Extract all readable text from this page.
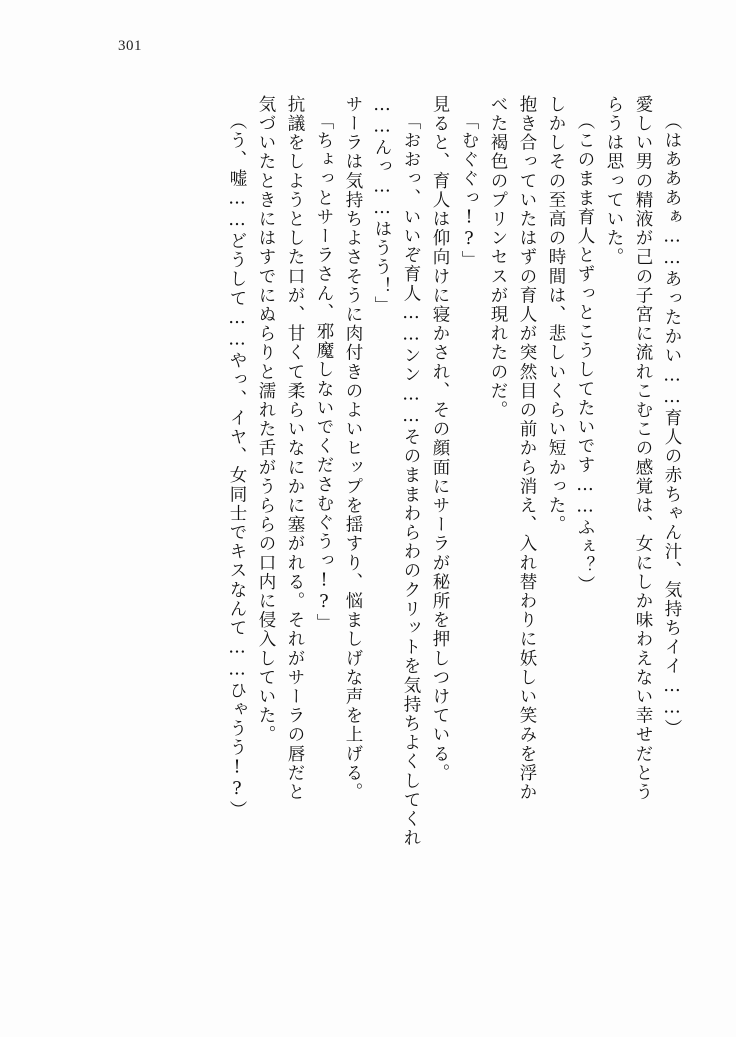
301
（はあああぁ……あったかい……育人の赤ちゃん汁、気持ちイイ……）
愛しい男の精液が己の子宮に流れこむこの感覚は、女にしか味わえない幸せだとう
らうは思っていた。
（このまま育人とずっとこうしてたいです……ふぇ？）
しかしその至高の時間は、悲しいくらい短かった。
抱き合っていたはずの育人が突然目の前から消え、入れ替わりに妖しい笑みを浮か
べた褐色のプリンセスが現れたのだ。
「むぐぐっ!?」
見ると、育人は仰向けに寝かされ、その顔面にサーラが秘所を押しつけている。
「おおっ、いいぞ育人……ンン……そのままわらわのクリットを気持ちよくしてくれ
……んっ……はうう！」
サーラは気持ちよさそうに肉付きのよいヒップを揺すり、悩ましげな声を上げる。
「ちょっとサーラさん、邪魔しないでくださむぐうっ!?」
抗議をしようとした口が、甘くて柔らいなにかに塞がれる。それがサーラの唇だと
気づいたときにはすでにぬらりと濡れた舌がうららの口内に侵入していた。
（う、嘘……どうして……やっ、イヤ、女同士でキスなんて……ひゃうう!?）
